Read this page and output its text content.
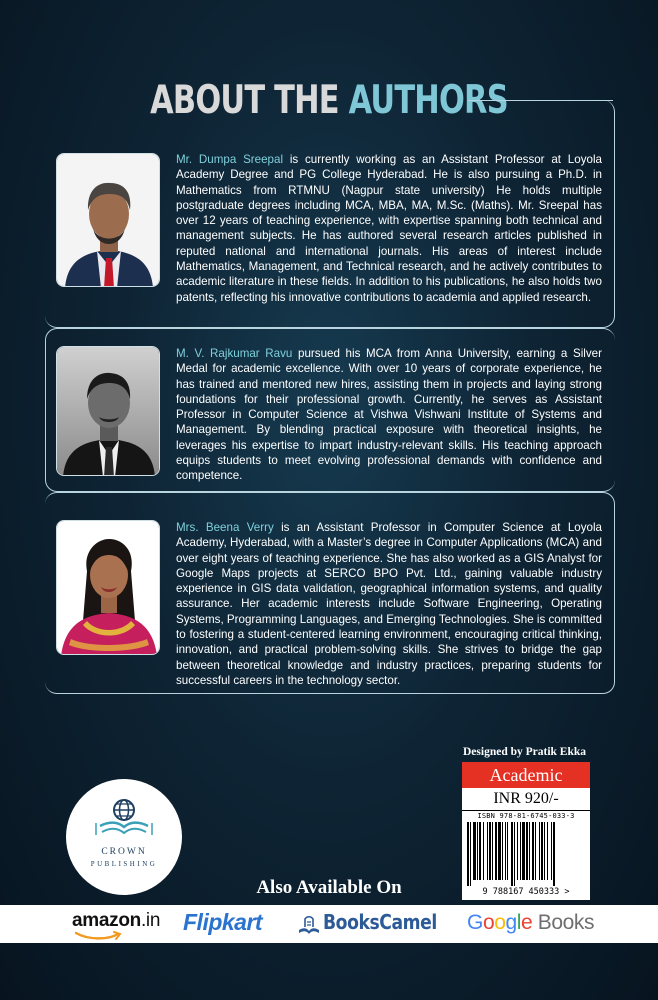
ABOUT THE AUTHORS

Mr. Dumpa Sreepal is currently working as an Assistant Professor at Loyola Academy Degree and PG College Hyderabad. He is also pursuing a Ph.D. in Mathematics from RTMNU (Nagpur state university) He holds multiple postgraduate degrees including MCA, MBA, MA, M.Sc. (Maths). Mr. Sreepal has over 12 years of teaching experience, with expertise spanning both technical and management subjects. He has authored several research articles published in reputed national and international journals. His areas of interest include Mathematics, Management, and Technical research, and he actively contributes to academic literature in these fields. In addition to his publications, he also holds two patents, reflecting his innovative contributions to academia and applied research.

M. V. Rajkumar Ravu pursued his MCA from Anna University, earning a Silver Medal for academic excellence. With over 10 years of corporate experience, he has trained and mentored new hires, assisting them in projects and laying strong foundations for their professional growth. Currently, he serves as Assistant Professor in Computer Science at Vishwa Vishwani Institute of Systems and Management. By blending practical exposure with theoretical insights, he leverages his expertise to impart industry-relevant skills. His teaching approach equips students to meet evolving professional demands with confidence and competence.

Mrs. Beena Verry is an Assistant Professor in Computer Science at Loyola Academy, Hyderabad, with a Master’s degree in Computer Applications (MCA) and over eight years of teaching experience. She has also worked as a GIS Analyst for Google Maps projects at SERCO BPO Pvt. Ltd., gaining valuable industry experience in GIS data validation, geographical information systems, and quality assurance. Her academic interests include Software Engineering, Operating Systems, Programming Languages, and Emerging Technologies. She is committed to fostering a student-centered learning environment, encouraging critical thinking, innovation, and practical problem-solving skills. She strives to bridge the gap between theoretical knowledge and industry practices, preparing students for successful careers in the technology sector.

Designed by Pratik Ekka
Academic
INR 920/-
ISBN 978-81-6745-033-3
9 788167 450333 >
CROWN
PUBLISHING
Also Available On
amazon.in Flipkart	BooksCamel Google Books
